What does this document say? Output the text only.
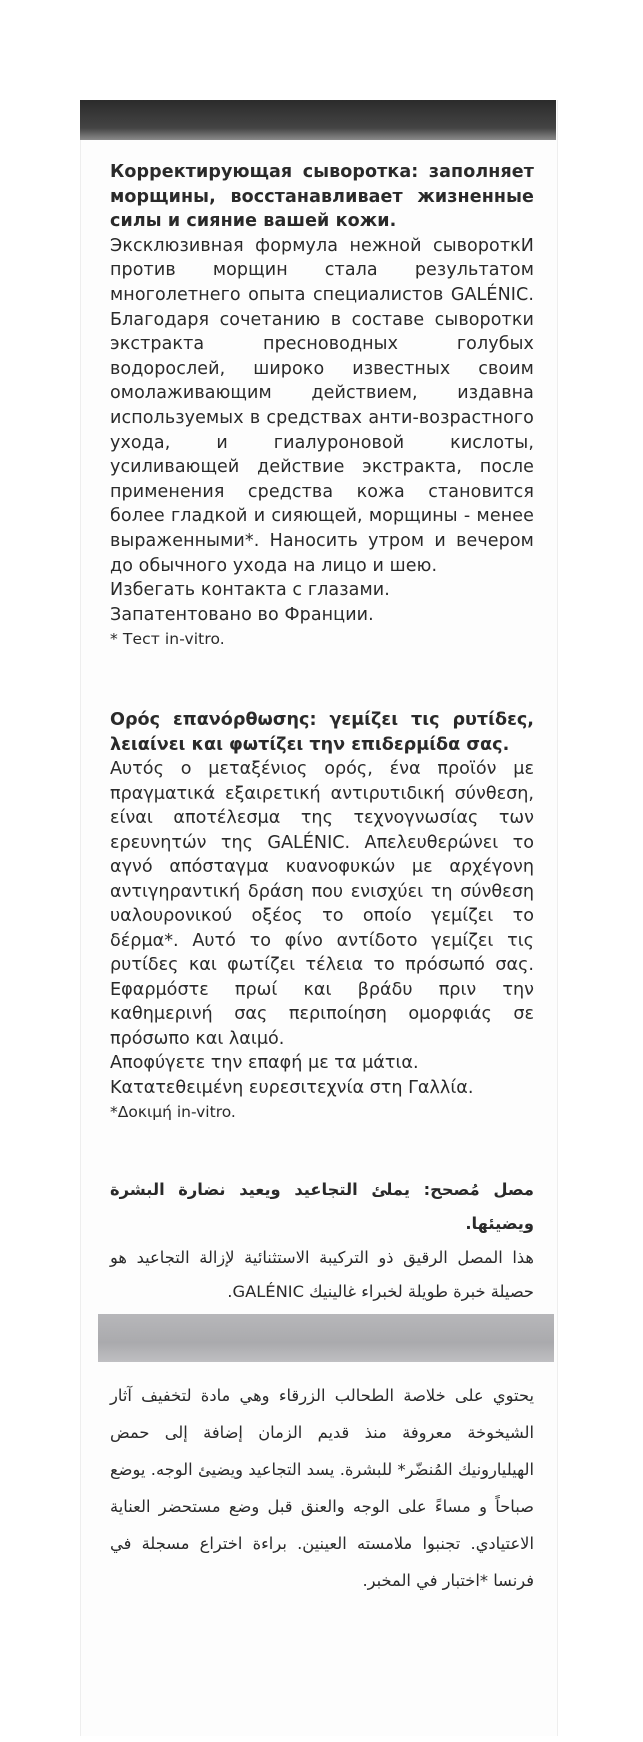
Корректирующая сыворотка: заполняет морщины, восстанавливает жизненные силы и сияние вашей кожи.

Эксклюзивная формула нежной сывороткИ против морщин стала результатом многолетнего опыта специалистов GALÉNIC. Благодаря сочетанию в составе сыворотки экстракта пресноводных голубых водорослей, широко известных своим омолаживающим действием, издавна используемых в средствах анти-возрастного ухода, и гиалуроновой кислоты, усиливающей действие экстракта, после применения средства кожа становится более гладкой и сияющей, морщины - менее выраженными*. Наносить утром и вечером до обычного ухода на лицо и шею.

Избегать контакта с глазами.

Запатентовано во Франции.

* Тест in-vitro.

Ορός επανόρθωσης: γεμίζει τις ρυτίδες, λειαίνει και φωτίζει την επιδερμίδα σας.

Αυτός ο μεταξένιος ορός, ένα προϊόν με πραγματικά εξαιρετική αντιρυτιδική σύνθεση, είναι αποτέλεσμα της τεχνογνωσίας των ερευνητών της GALÉNIC. Απελευθερώνει το αγνό απόσταγμα κυανοφυκών με αρχέγονη αντιγηραντική δράση που ενισχύει τη σύνθεση υαλουρονικού οξέος το οποίο γεμίζει το δέρμα*. Αυτό το φίνο αντίδοτο γεμίζει τις ρυτίδες και φωτίζει τέλεια το πρόσωπό σας. Εφαρμόστε πρωί και βράδυ πριν την καθημερινή σας περιποίηση ομορφιάς σε πρόσωπο και λαιμό.

Αποφύγετε την επαφή με τα μάτια.

Κατατεθειμένη ευρεσιτεχνία στη Γαλλία.

*Δοκιμή in-vitro.

مصل مُصحح: يملئ التجاعيد ويعيد نضارة البشرة ويضيئها.

هذا المصل الرقيق ذو التركيبة الاستثنائية لإزالة التجاعيد هو حصيلة خبرة طويلة لخبراء غالينيك GALÉNIC.

يحتوي على خلاصة الطحالب الزرقاء وهي مادة لتخفيف آثار الشيخوخة معروفة منذ قديم الزمان إضافة إلى حمض الهيليارونيك المُنضّر* للبشرة. يسد التجاعيد ويضيئ الوجه. يوضع صباحاً و مساءً على الوجه والعنق قبل وضع مستحضر العناية الاعتيادي. تجنبوا ملامسته العينين. براءة اختراع مسجلة في فرنسا *اختبار في المخبر.
